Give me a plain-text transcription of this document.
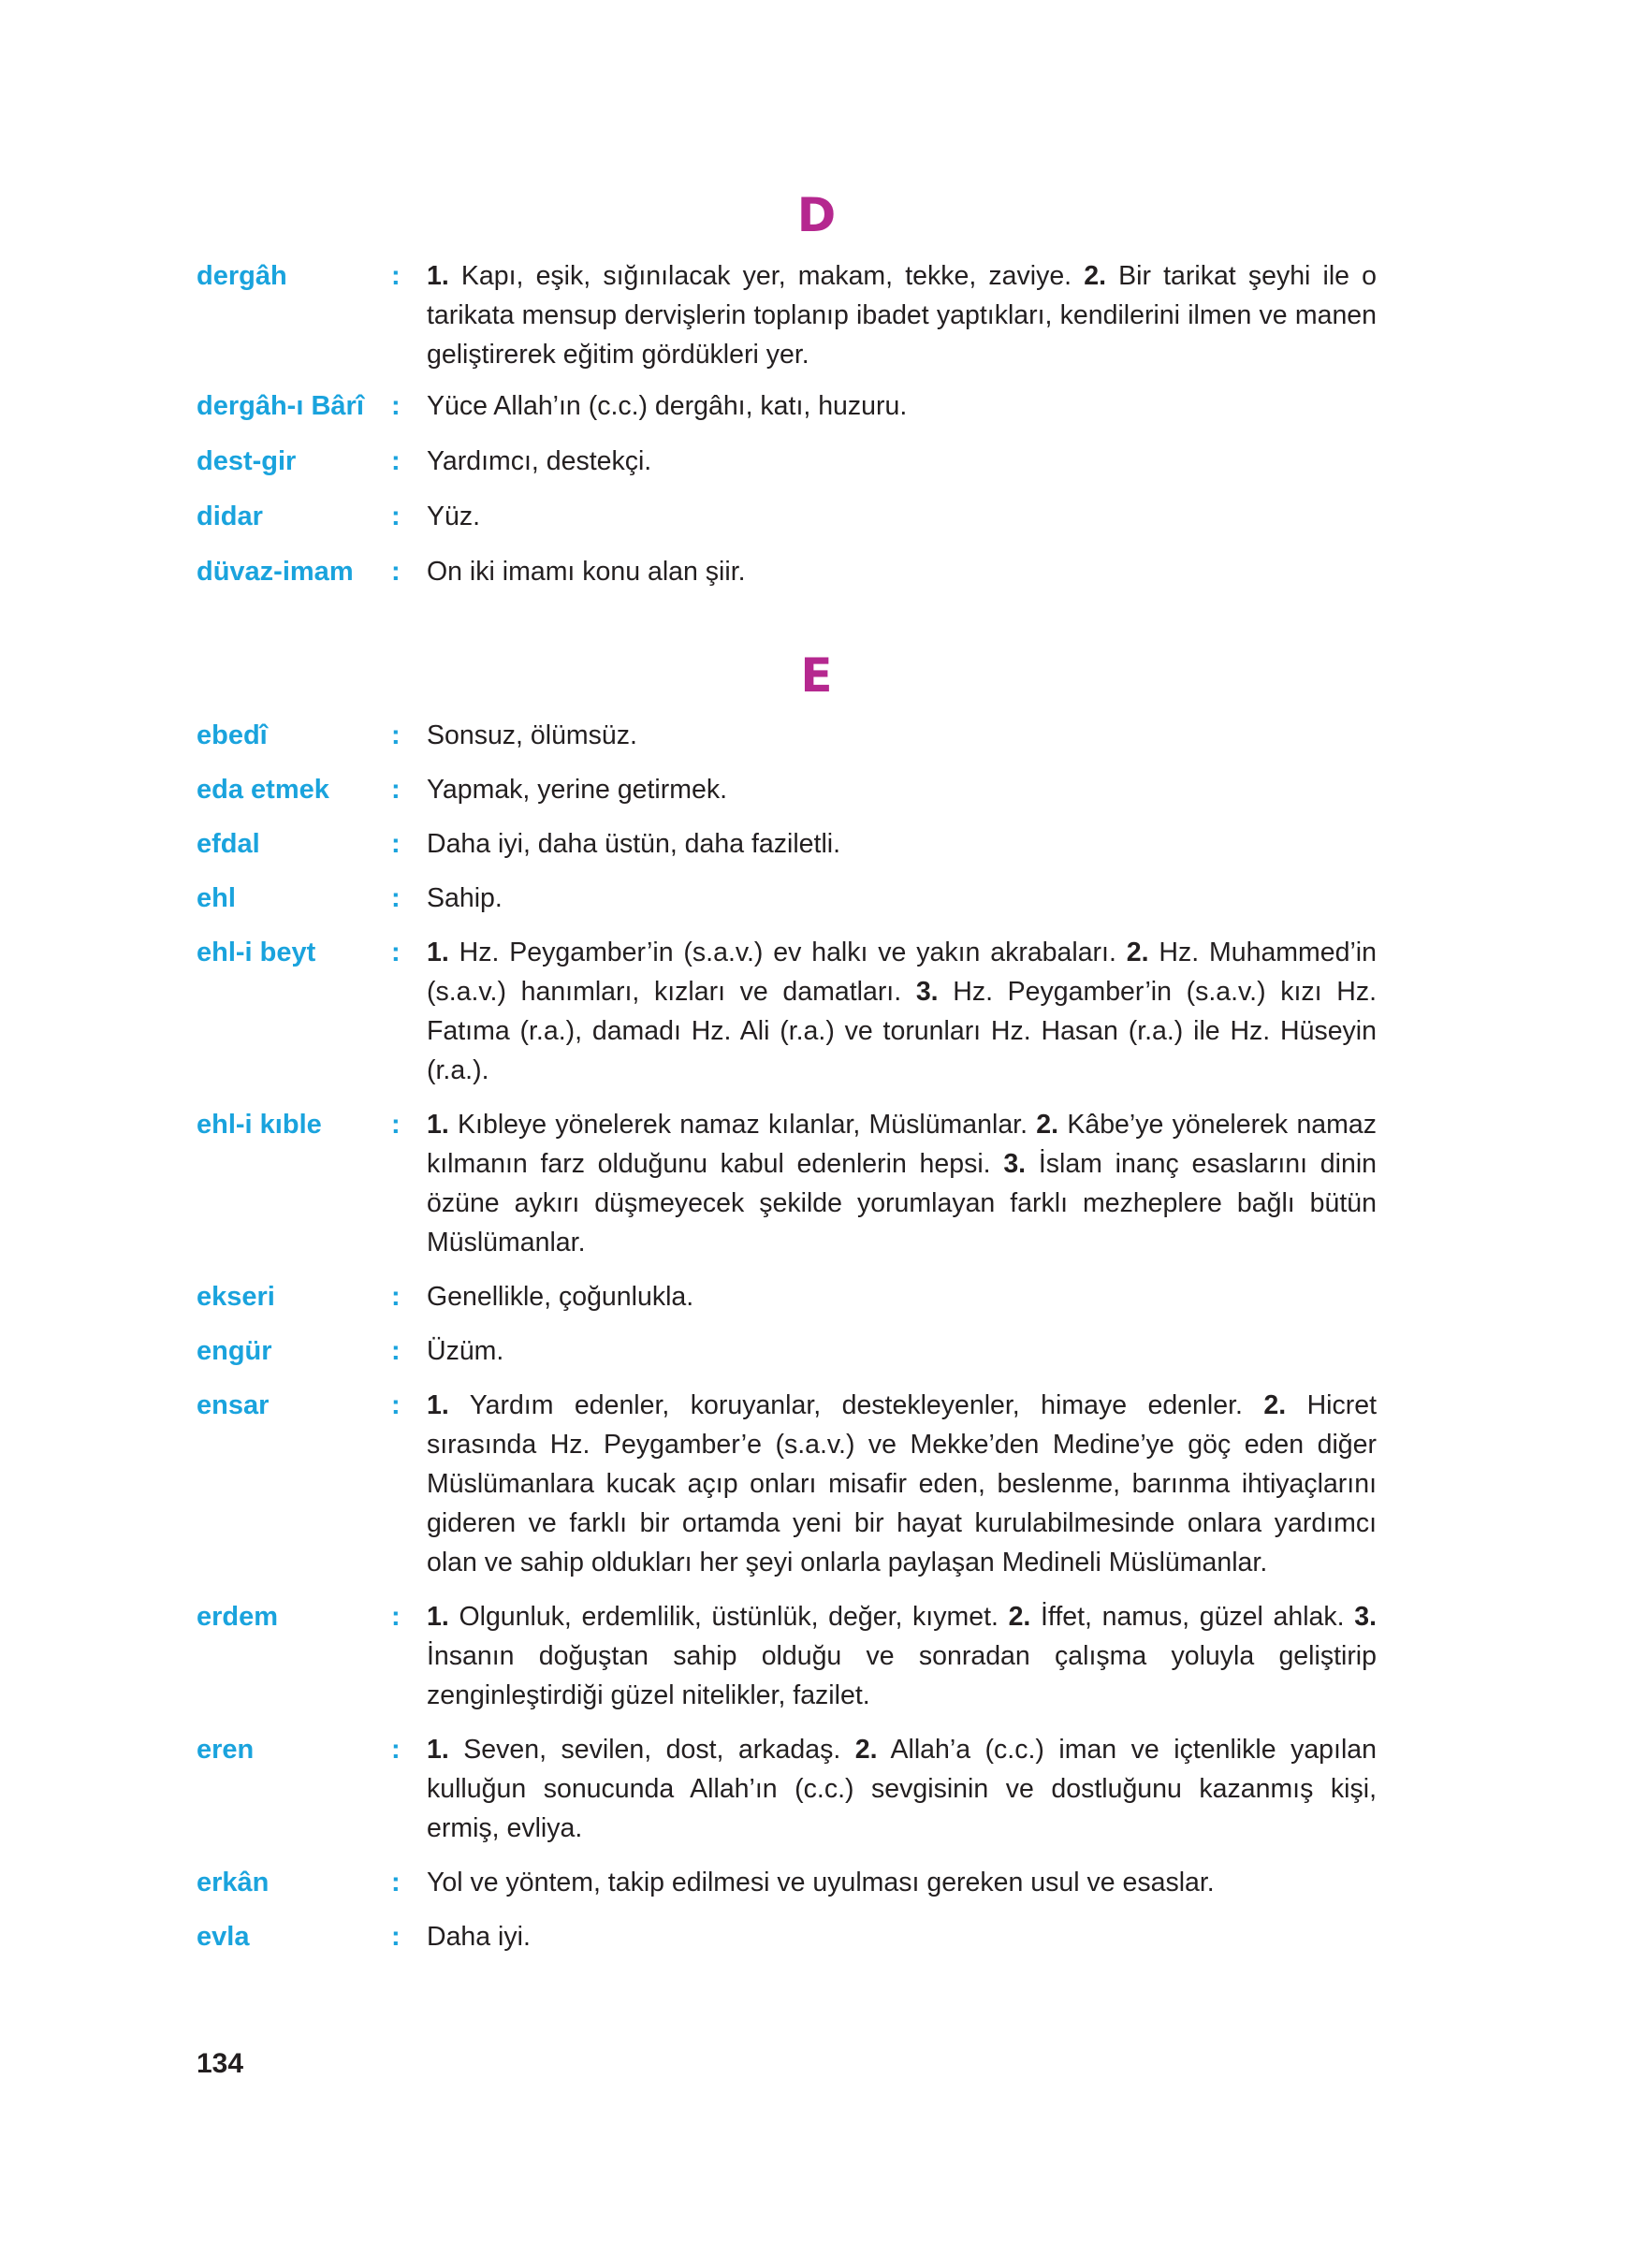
D
dergâh	: 1. Kapı, eşik, sığınılacak yer, makam, tekke, zaviye. 2. Bir tarikat şeyhi ile o tarikata mensup dervişlerin toplanıp ibadet yaptıkları, kendilerini ilmen ve manen geliştirerek eğitim gördükleri yer.
dergâh-ı Bârî	: Yüce Allah’ın (c.c.) dergâhı, katı, huzuru.
dest-gir	: Yardımcı, destekçi.
didar	: Yüz.
düvaz-imam	: On iki imamı konu alan şiir.
E
ebedî	: Sonsuz, ölümsüz.
eda etmek	: Yapmak, yerine getirmek.
efdal	: Daha iyi, daha üstün, daha faziletli.
ehl	: Sahip.
ehl-i beyt	: 1. Hz. Peygamber’in (s.a.v.) ev halkı ve yakın akrabaları. 2. Hz. Muhammed’in (s.a.v.) hanımları, kızları ve damatları. 3. Hz. Peygamber’in (s.a.v.) kızı Hz. Fatıma (r.a.), damadı Hz. Ali (r.a.) ve torunları Hz. Hasan (r.a.) ile Hz. Hüseyin (r.a.).
ehl-i kıble	: 1. Kıbleye yönelerek namaz kılanlar, Müslümanlar. 2. Kâbe’ye yönelerek namaz kılmanın farz olduğunu kabul edenlerin hepsi. 3. İslam inanç esaslarını dinin özüne aykırı düşmeyecek şekilde yorumlayan farklı mezheplere bağlı bütün Müslümanlar.
ekseri	: Genellikle, çoğunlukla.
engür	: Üzüm.
ensar	: 1. Yardım edenler, koruyanlar, destekleyenler, himaye edenler. 2. Hicret sırasında Hz. Peygamber’e (s.a.v.) ve Mekke’den Medine’ye göç eden diğer Müslümanlara kucak açıp onları misafir eden, beslenme, barınma ihtiyaçlarını gideren ve farklı bir ortamda yeni bir hayat kurulabilmesinde onlara yardımcı olan ve sahip oldukları her şeyi onlarla paylaşan Medineli Müslümanlar.
erdem	: 1. Olgunluk, erdemlilik, üstünlük, değer, kıymet. 2. İffet, namus, güzel ahlak. 3. İnsanın doğuştan sahip olduğu ve sonradan çalışma yoluyla geliştirip zenginleştirdiği güzel nitelikler, fazilet.
eren	: 1. Seven, sevilen, dost, arkadaş. 2. Allah’a (c.c.) iman ve içtenlikle yapılan kulluğun sonucunda Allah’ın (c.c.) sevgisinin ve dostluğunu kazanmış kişi, ermiş, evliya.
erkân	: Yol ve yöntem, takip edilmesi ve uyulması gereken usul ve esaslar.
evla	: Daha iyi.
134
